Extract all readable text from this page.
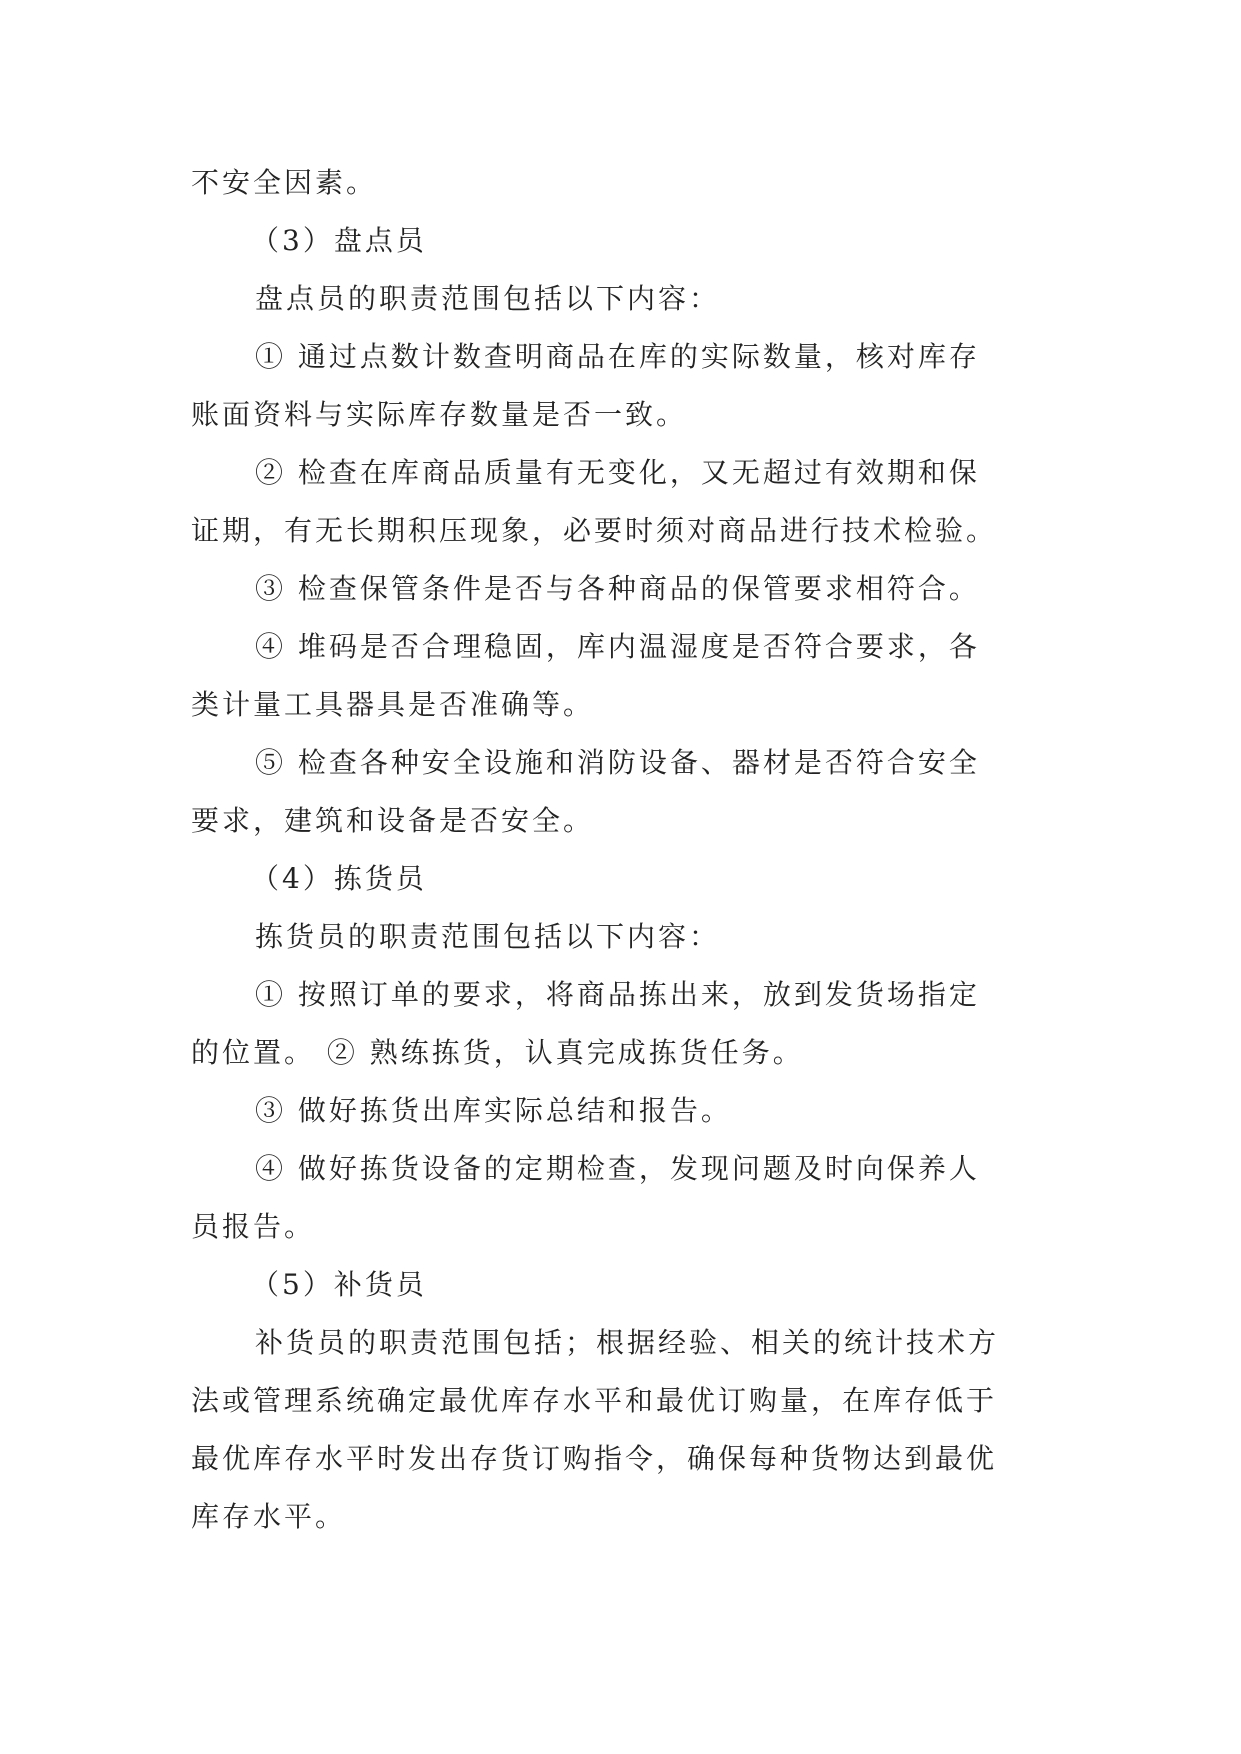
不安全因素。
（3）盘点员
盘点员的职责范围包括以下内容：
① 通过点数计数查明商品在库的实际数量，核对库存
账面资料与实际库存数量是否一致。
② 检查在库商品质量有无变化，又无超过有效期和保
证期，有无长期积压现象，必要时须对商品进行技术检验。
③ 检查保管条件是否与各种商品的保管要求相符合。
④ 堆码是否合理稳固，库内温湿度是否符合要求，各
类计量工具器具是否准确等。
⑤ 检查各种安全设施和消防设备、器材是否符合安全
要求，建筑和设备是否安全。
（4）拣货员
拣货员的职责范围包括以下内容：
① 按照订单的要求，将商品拣出来，放到发货场指定
的位置。 ② 熟练拣货，认真完成拣货任务。
③ 做好拣货出库实际总结和报告。
④ 做好拣货设备的定期检查，发现问题及时向保养人
员报告。
（5）补货员
补货员的职责范围包括；根据经验、相关的统计技术方
法或管理系统确定最优库存水平和最优订购量，在库存低于
最优库存水平时发出存货订购指令，确保每种货物达到最优
库存水平。
